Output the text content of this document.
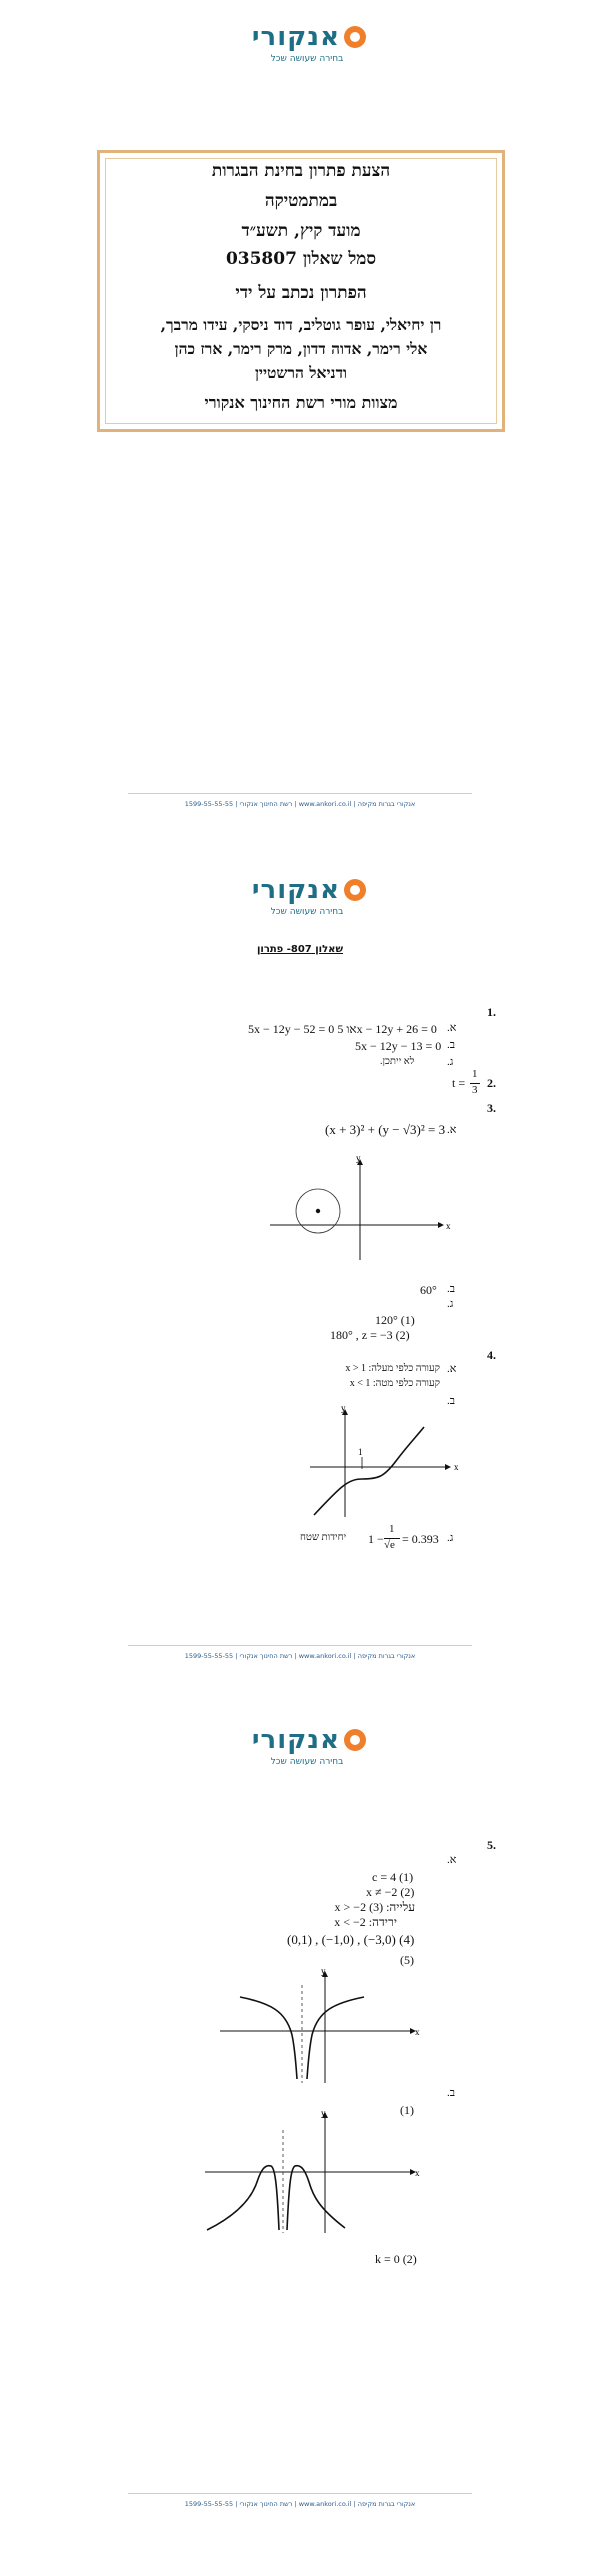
אנקורי
בחירה שעושה שכל
הצעת פתרון בחינת הבגרות
במתמטיקה
מועד קיץ, תשע״ד
סמל שאלון 035807
הפתרון נכתב על ידי
רן יחיאלי, עופר גוטליב, דוד ניסקי, עידו מרבך,
אלי רימר, אדוה דדון, מרק רימר, ארז כהן
ודניאל הרשטיין
מצוות מורי רשת החינוך אנקורי
רשת החינוך אנקורי | 1599-55-55-55 | www.ankori.co.il | אנקורי בגרות מקיפה
אנקורי
בחירה שעושה שכל
שאלון 807- פתרון
1.
א.
5x − 12y − 52 = 0 או 5x − 12y + 26 = 0
ב.
5x − 12y − 13 = 0
ג.
לא ייתכן.
2.
t =
1
3
3.
א.
(x + 3)² + (y − √3)² = 3
x
y
ב.
60°
ג.
120° (1)
180° , z = −3 (2)
4.
א.
קעורה כלפי מעלה: x > 1
קעורה כלפי מטה: x < 1
ב.
1
x
y
ג.
יחידות שטח 1 −
1
√e = 0.393
רשת החינוך אנקורי | 1599-55-55-55 | www.ankori.co.il | אנקורי בגרות מקיפה
אנקורי
בחירה שעושה שכל
5.
א.
c = 4 (1)
x ≠ −2 (2)
עלייה: x > −2 (3)
ירידה: x < −2
(0,1) , (−1,0) , (−3,0) (4)
(5)
x
y
ב.
(1)
x
y
k = 0 (2)
רשת החינוך אנקורי | 1599-55-55-55 | www.ankori.co.il | אנקורי בגרות מקיפה
